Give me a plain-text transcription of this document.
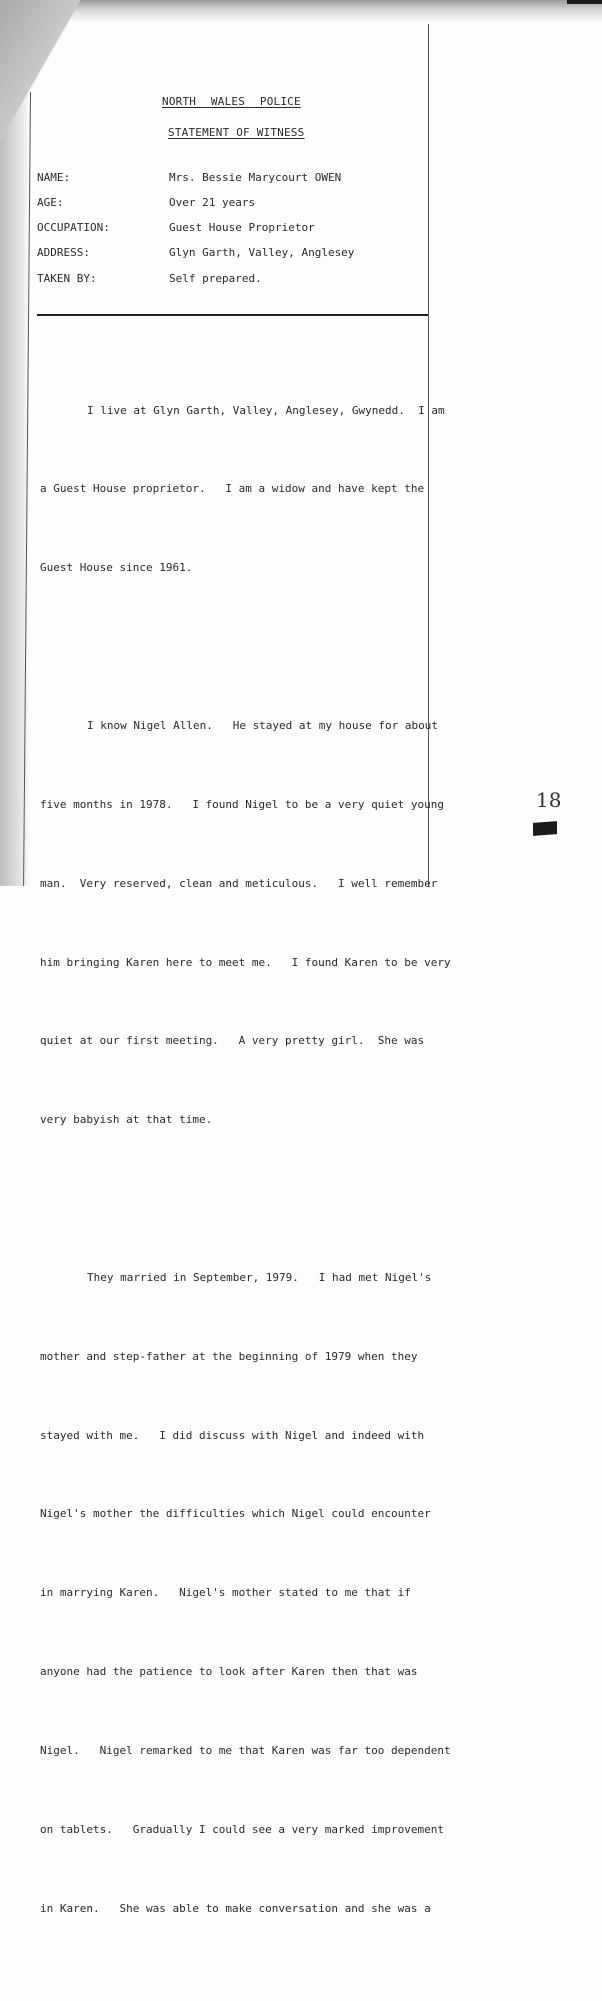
NORTH WALES POLICE
STATEMENT OF WITNESS
NAME:	Mrs. Bessie Marycourt OWEN
AGE:	Over 21 years
OCCUPATION:	Guest House Proprietor
ADDRESS:	Glyn Garth, Valley, Anglesey
TAKEN BY:	Self prepared.

I live at Glyn Garth, Valley, Anglesey, Gwynedd.  I am

a Guest House proprietor.   I am a widow and have kept the

Guest House since 1961.

I know Nigel Allen.   He stayed at my house for about

five months in 1978.   I found Nigel to be a very quiet young

man.  Very reserved, clean and meticulous.   I well remember

him bringing Karen here to meet me.   I found Karen to be very

quiet at our first meeting.   A very pretty girl.  She was

very babyish at that time.

They married in September, 1979.   I had met Nigel's

mother and step-father at the beginning of 1979 when they

stayed with me.   I did discuss with Nigel and indeed with

Nigel's mother the difficulties which Nigel could encounter

in marrying Karen.   Nigel's mother stated to me that if

anyone had the patience to look after Karen then that was

Nigel.   Nigel remarked to me that Karen was far too dependent

on tablets.   Gradually I could see a very marked improvement

in Karen.   She was able to make conversation and she was a

18
